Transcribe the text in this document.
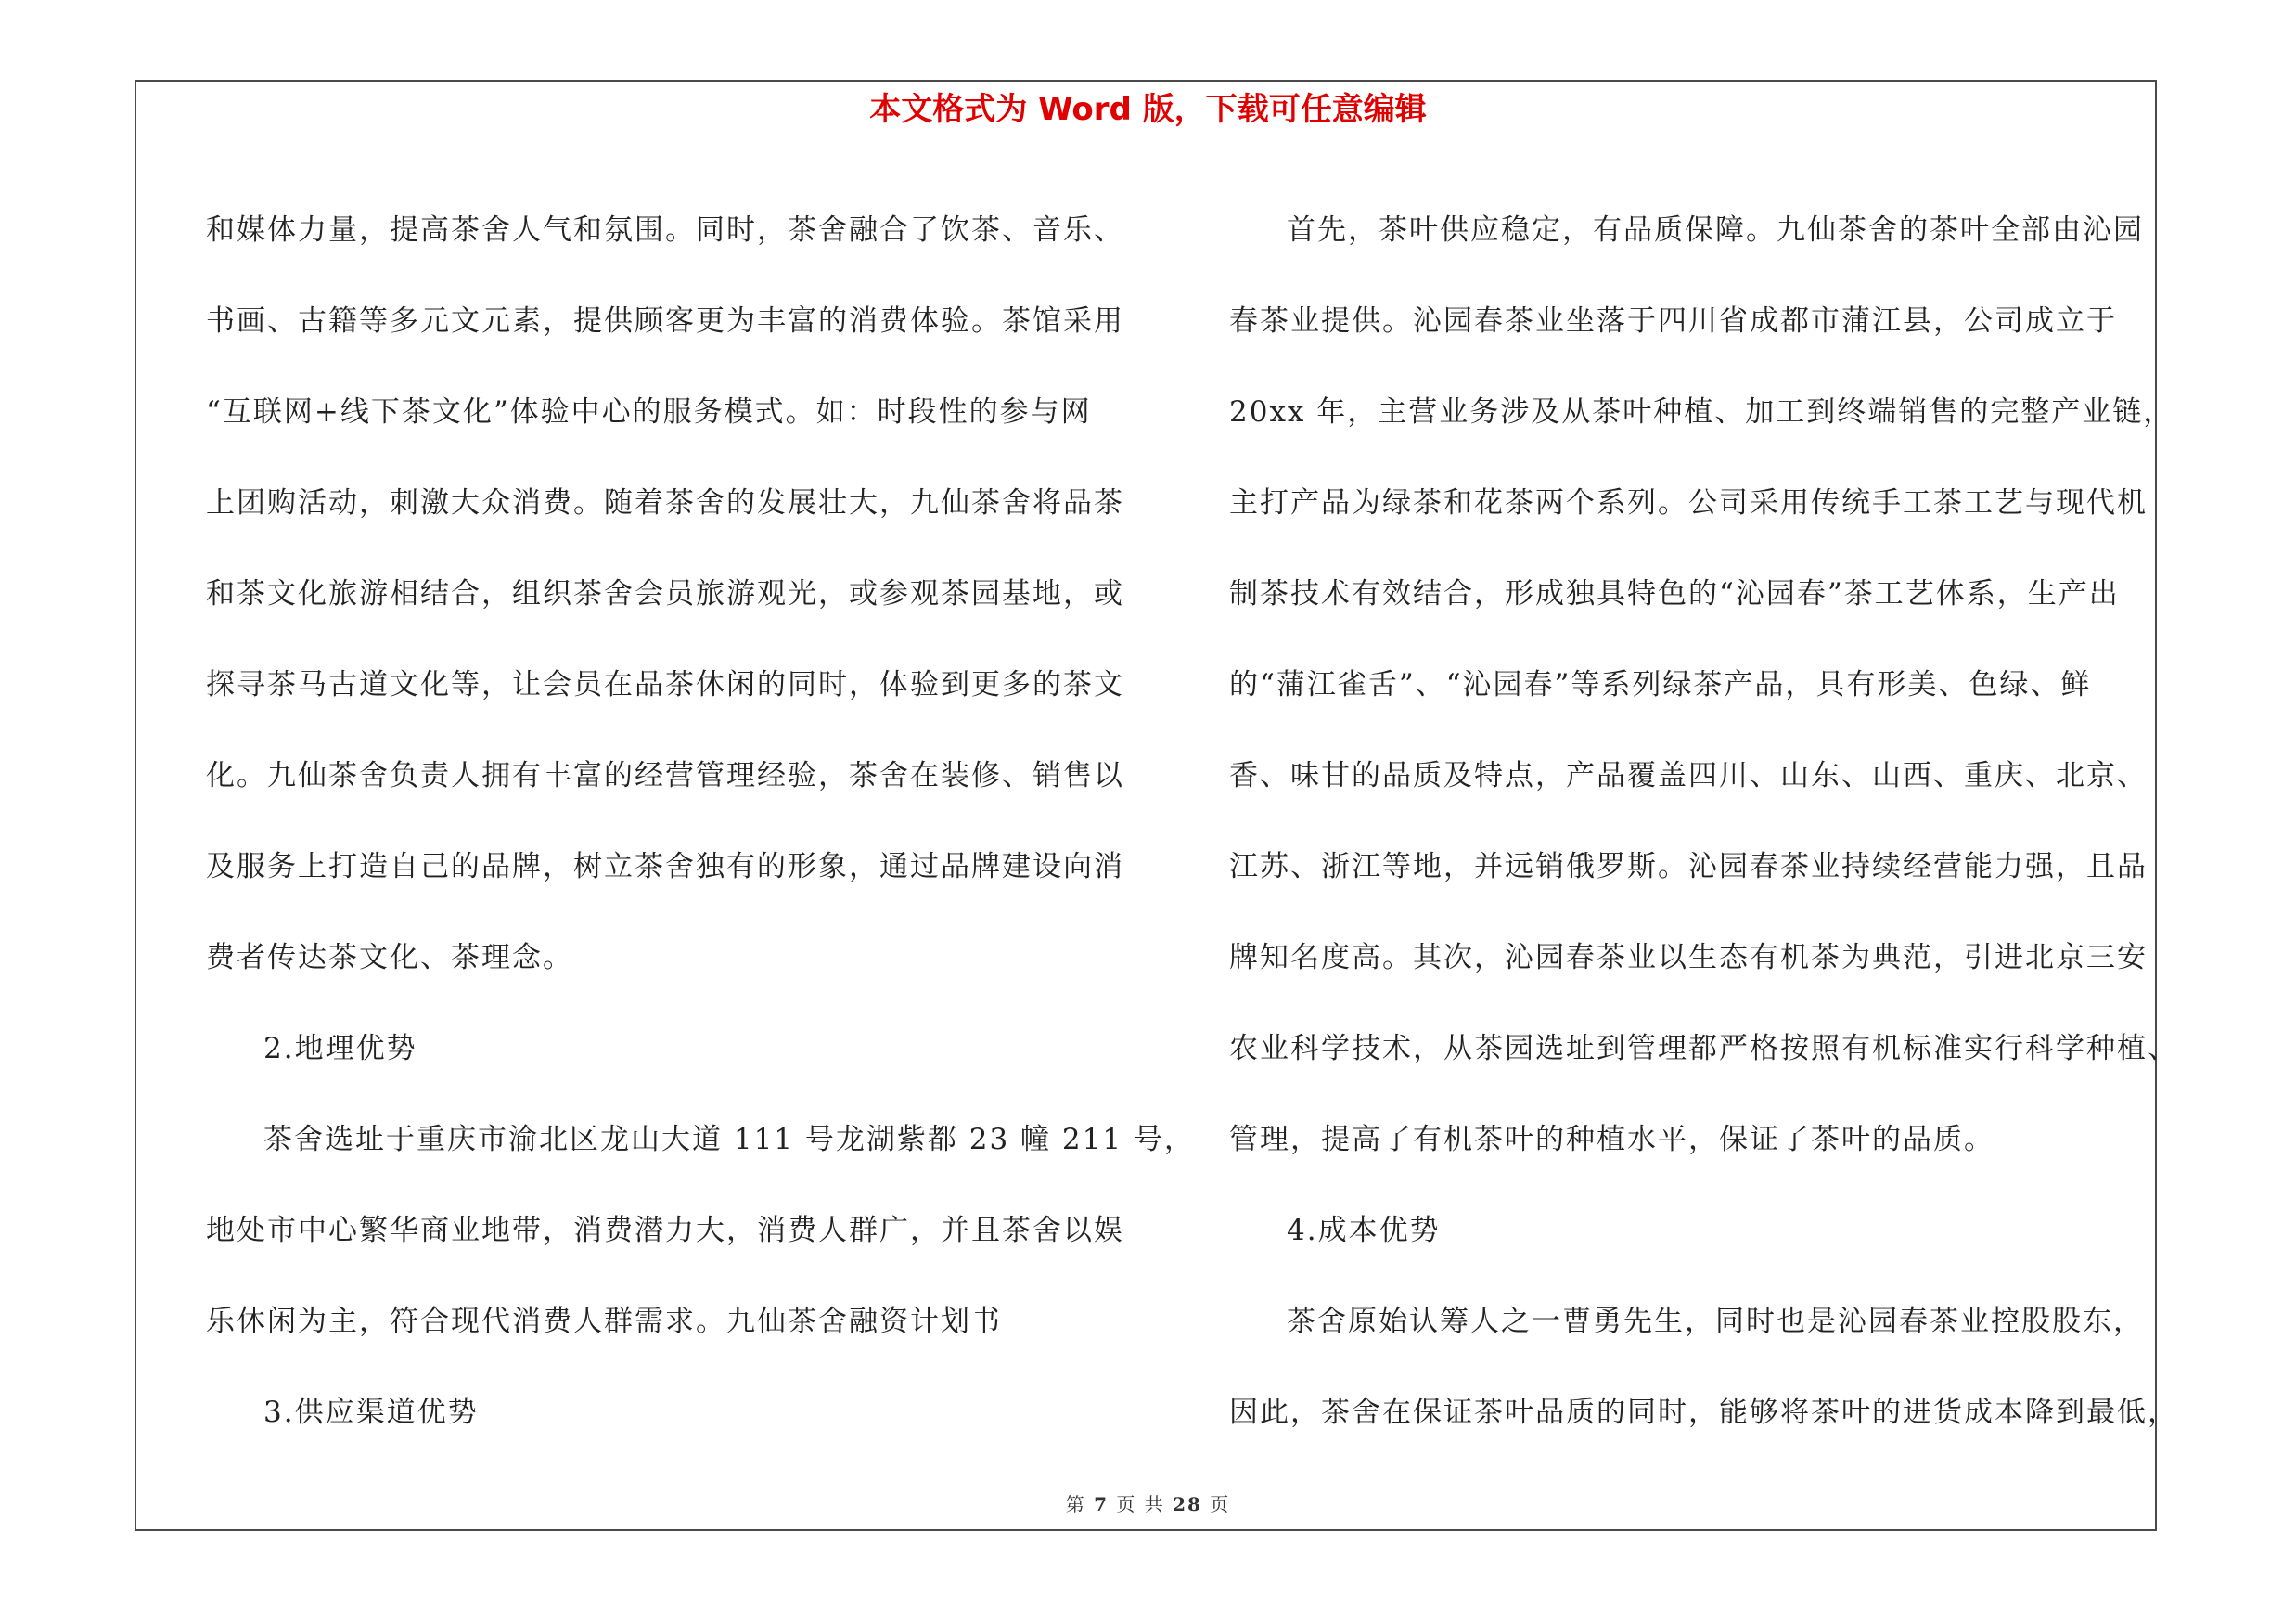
本文格式为 Word 版，下载可任意编辑
和媒体力量，提高茶舍人气和氛围。同时，茶舍融合了饮茶、音乐、
书画、古籍等多元文元素，提供顾客更为丰富的消费体验。茶馆采用
“互联网+线下茶文化”体验中心的服务模式。如：时段性的参与网
上团购活动，刺激大众消费。随着茶舍的发展壮大，九仙茶舍将品茶
和茶文化旅游相结合，组织茶舍会员旅游观光，或参观茶园基地，或
探寻茶马古道文化等，让会员在品茶休闲的同时，体验到更多的茶文
化。九仙茶舍负责人拥有丰富的经营管理经验，茶舍在装修、销售以
及服务上打造自己的品牌，树立茶舍独有的形象，通过品牌建设向消
费者传达茶文化、茶理念。
2.地理优势
茶舍选址于重庆市渝北区龙山大道 111 号龙湖紫都 23 幢 211 号，
地处市中心繁华商业地带，消费潜力大，消费人群广，并且茶舍以娱
乐休闲为主，符合现代消费人群需求。九仙茶舍融资计划书
3.供应渠道优势
首先，茶叶供应稳定，有品质保障。九仙茶舍的茶叶全部由沁园
春茶业提供。沁园春茶业坐落于四川省成都市蒲江县，公司成立于
20xx 年，主营业务涉及从茶叶种植、加工到终端销售的完整产业链，
主打产品为绿茶和花茶两个系列。公司采用传统手工茶工艺与现代机
制茶技术有效结合，形成独具特色的“沁园春”茶工艺体系，生产出
的“蒲江雀舌”、“沁园春”等系列绿茶产品，具有形美、色绿、鲜
香、味甘的品质及特点，产品覆盖四川、山东、山西、重庆、北京、
江苏、浙江等地，并远销俄罗斯。沁园春茶业持续经营能力强，且品
牌知名度高。其次，沁园春茶业以生态有机茶为典范，引进北京三安
农业科学技术，从茶园选址到管理都严格按照有机标准实行科学种植、
管理，提高了有机茶叶的种植水平，保证了茶叶的品质。
4.成本优势
茶舍原始认筹人之一曹勇先生，同时也是沁园春茶业控股股东，
因此，茶舍在保证茶叶品质的同时，能够将茶叶的进货成本降到最低，
第 7 页 共 28 页
